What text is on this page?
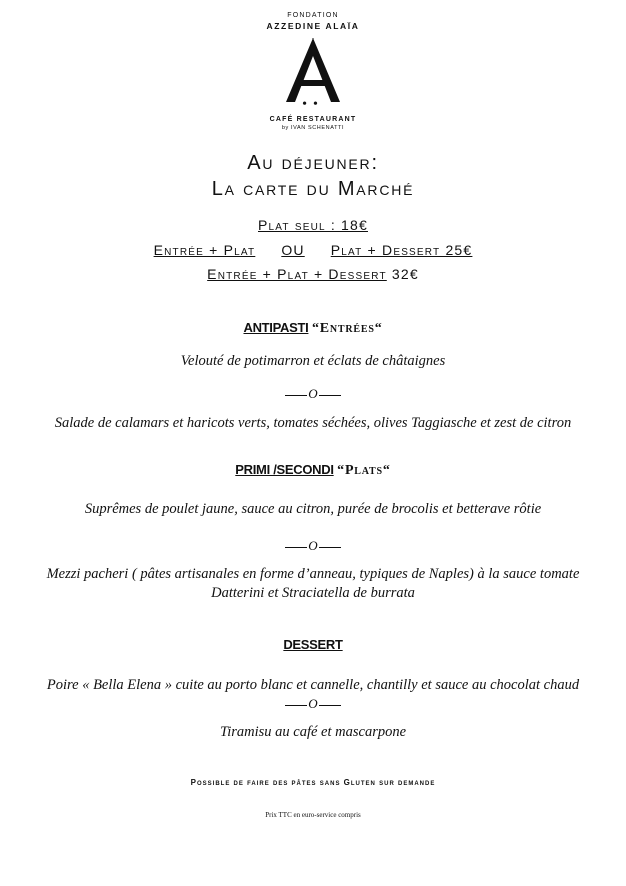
FONDATION
AZZEDINE ALAÏA
••
CAFÉ RESTAURANT
by IVAN SCHENATTI
Au déjeuner:
La carte du Marché
Plat seul : 18€
Entrée + Plat OU Plat + Dessert 25€
Entrée + Plat + Dessert 32€
ANTIPASTI “Entrées“
Velouté de potimarron et éclats de châtaignes
O
Salade de calamars et haricots verts, tomates séchées, olives Taggiasche et zest de citron
PRIMI /SECONDI “Plats“
Suprêmes de poulet jaune, sauce au citron, purée de brocolis et betterave rôtie
O
Mezzi pacheri ( pâtes artisanales en forme d’anneau, typiques de Naples) à la sauce tomate
Datterini et Straciatella de burrata
DESSERT
Poire « Bella Elena » cuite au porto blanc et cannelle, chantilly et sauce au chocolat chaud
O
Tiramisu au café et mascarpone
Possible de faire des pâtes sans Gluten sur demande
Prix TTC en euro-service compris
